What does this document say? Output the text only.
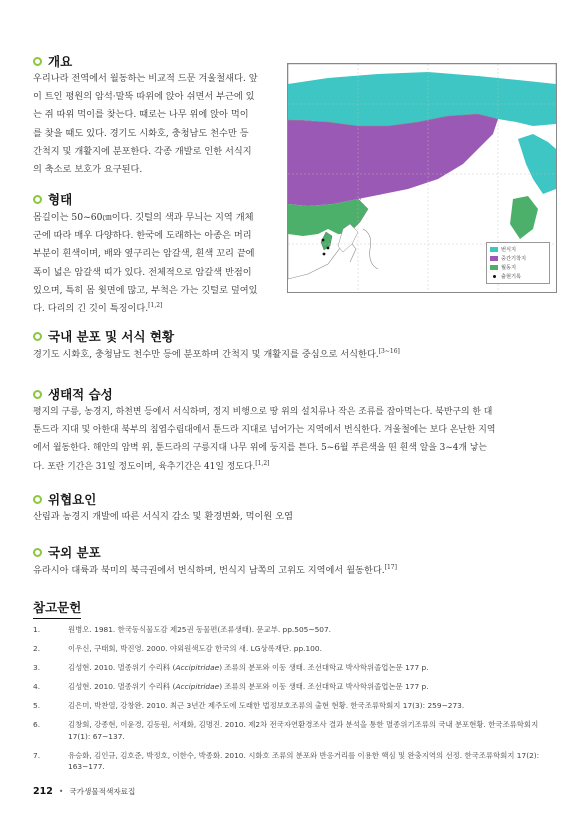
개요

우리나라 전역에서 월동하는 비교적 드문 겨울철새다. 앞
이 트인 평원의 암석·말뚝 따위에 앉아 쉬면서 부근에 있
는 쥐 따위 먹이를 찾는다. 때로는 나무 위에 앉아 먹이
를 찾을 때도 있다. 경기도 시화호, 충청남도 천수만 등
간척지 및 개활지에 분포한다. 각종 개발로 인한 서식지
의 축소로 보호가 요구된다.

형태

몸길이는 50~60㎝이다. 깃털의 색과 무늬는 지역 개체
군에 따라 매우 다양하다. 한국에 도래하는 아종은 머리
부분이 흰색이며, 배와 옆구리는 암갈색, 흰색 꼬리 끝에
폭이 넓은 암갈색 띠가 있다. 전체적으로 암갈색 반점이
있으며, 특히 몸 윗면에 많고, 부척은 가는 깃털로 덮여있
다. 다리의 긴 깃이 특징이다.[1,2]

번식지
중간기착지
월동지
출현기록
국내 분포 및 서식 현황

경기도 시화호, 충청남도 천수만 등에 분포하며 간척지 및 개활지를 중심으로 서식한다.[3~16]

생태적 습성

평지의 구릉, 농경지, 하천변 등에서 서식하며, 정지 비행으로 땅 위의 설치류나 작은 조류를 잡아먹는다. 북반구의 한 대
툰드라 지대 및 아한대 북부의 침엽수림대에서 툰드라 지대로 넘어가는 지역에서 번식한다. 겨울철에는 보다 온난한 지역
에서 월동한다. 해안의 암벽 위, 툰드라의 구릉지대 나무 위에 둥지를 튼다. 5~6월 푸른색을 띤 흰색 알을 3~4개 낳는
다. 포란 기간은 31일 정도이며, 육추기간은 41일 정도다.[1,2]

위협요인

산림과 농경지 개발에 따른 서식지 감소 및 환경변화, 먹이원 오염

국외 분포

유라시아 대륙과 북미의 북극권에서 번식하며, 번식지 남쪽의 고위도 지역에서 월동한다.[17]

참고문헌
1.	원병오. 1981. 한국동식물도감 제25권 동물편(조류생태). 문교부. pp.505~507.
2.	이우신, 구태회, 박진영. 2000. 야외원색도감 한국의 새. LG상록재단. pp.100.
3.	김성현. 2010. 멸종위기 수리科 (Accipitridae) 조류의 분포와 이동 생태. 조선대학교 박사학위졸업논문 177 p.
4.	김성현. 2010. 멸종위기 수리科 (Accipitridae) 조류의 분포와 이동 생태. 조선대학교 박사학위졸업논문 177 p.
5.	김은미, 박찬열, 강창완. 2010. 최근 3년간 제주도에 도래한 법정보호조류의 출현 현황. 한국조류학회지 17(3): 259~273.
6.	김창회, 강종현, 이윤경, 김동원, 서재화, 김명진. 2010. 제2차 전국자연환경조사 결과 분석을 통한 멸종위기조류의 국내 분포현황. 한국조류학회지 17(1): 67~137.
7.	유승화, 김인규, 김호준, 박정호, 이한수, 박종화. 2010. 시화호 조류의 분포와 반응거리를 이용한 핵심 및 완충지역의 선정. 한국조류학회지 17(2): 163~177.
212 • 국가생물적색자료집
